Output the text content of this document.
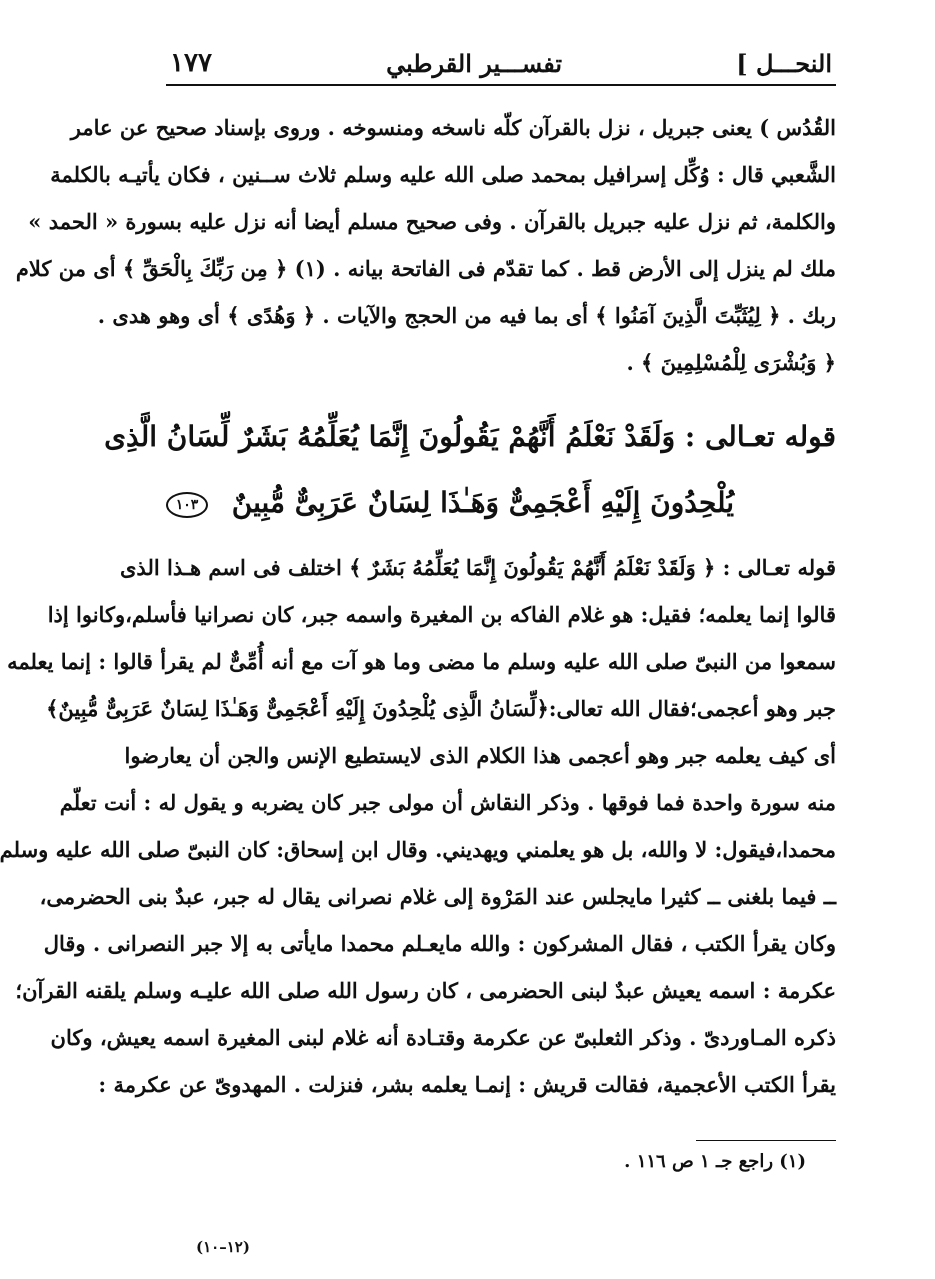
النحـــل ]
تفســـير القرطبي
١٧٧
القُدُس ) يعنى جبريل ، نزل بالقرآن كلّه ناسخه ومنسوخه . وروى بإسناد صحيح عن عامر
الشَّعبي قال : وُكِّل إسرافيل بمحمد صلى الله عليه وسلم ثلاث ســنين ، فكان يأتيـه بالكلمة
والكلمة، ثم نزل عليه جبريل بالقرآن . وفى صحيح مسلم أيضا أنه نزل عليه بسورة « الحمد »
ملك لم ينزل إلى الأرض قط . كما تقدّم فى الفاتحة بيانه . (١) ﴿ مِن رَبِّكَ بِالْحَقِّ ﴾ أى من كلام
ربك . ﴿ لِيُثَبِّتَ الَّذِينَ آمَنُوا ﴾ أى بما فيه من الحجج والآيات . ﴿ وَهُدًى ﴾ أى وهو هدى .
﴿ وَبُشْرَى لِلْمُسْلِمِينَ ﴾ .
قوله تعـالى : وَلَقَدْ نَعْلَمُ أَنَّهُمْ يَقُولُونَ إِنَّمَا يُعَلِّمُهُ بَشَرٌ لِّسَانُ الَّذِى
يُلْحِدُونَ إِلَيْهِ أَعْجَمِىٌّ وَهَـٰذَا لِسَانٌ عَرَبِىٌّ مُّبِينٌ ١٠٣
قوله تعـالى : ﴿ وَلَقَدْ نَعْلَمُ أَنَّهُمْ يَقُولُونَ إِنَّمَا يُعَلِّمُهُ بَشَرٌ ﴾ اختلف فى اسم هـذا الذى
قالوا إنما يعلمه؛ فقيل: هو غلام الفاكه بن المغيرة واسمه جبر، كان نصرانيا فأسلم،وكانوا إذا
سمعوا من النبىّ صلى الله عليه وسلم ما مضى وما هو آت مع أنه أُمِّىٌّ لم يقرأ قالوا : إنما يعلمه
جبر وهو أعجمى؛فقال الله تعالى:﴿لِّسَانُ الَّذِى يُلْحِدُونَ إِلَيْهِ أَعْجَمِىٌّ وَهَـٰذَا لِسَانٌ عَرَبِىٌّ مُّبِينٌ﴾
أى كيف يعلمه جبر وهو أعجمى هذا الكلام الذى لايستطيع الإنس والجن أن يعارضوا
منه سورة واحدة فما فوقها . وذكر النقاش أن مولى جبر كان يضربه و يقول له : أنت تعلّم
محمدا،فيقول: لا والله، بل هو يعلمني ويهديني. وقال ابن إسحاق: كان النبىّ صلى الله عليه وسلم
ــ فيما بلغنى ــ كثيرا مايجلس عند المَرْوة إلى غلام نصرانى يقال له جبر، عبدٌ بنى الحضرمى،
وكان يقرأ الكتب ، فقال المشركون : والله مايعـلم محمدا مايأتى به إلا جبر النصرانى . وقال
عكرمة : اسمه يعيش عبدٌ لبنى الحضرمى ، كان رسول الله صلى الله عليـه وسلم يلقنه القرآن؛
ذكره المـاوردىّ . وذكر الثعلبىّ عن عكرمة وقتـادة أنه غلام لبنى المغيرة اسمه يعيش، وكان
يقرأ الكتب الأعجمية، فقالت قريش : إنمـا يعلمه بشر، فنزلت . المهدوىّ عن عكرمة :
(١) راجع جـ ١ ص ١١٦ .
(١٢–١٠)
